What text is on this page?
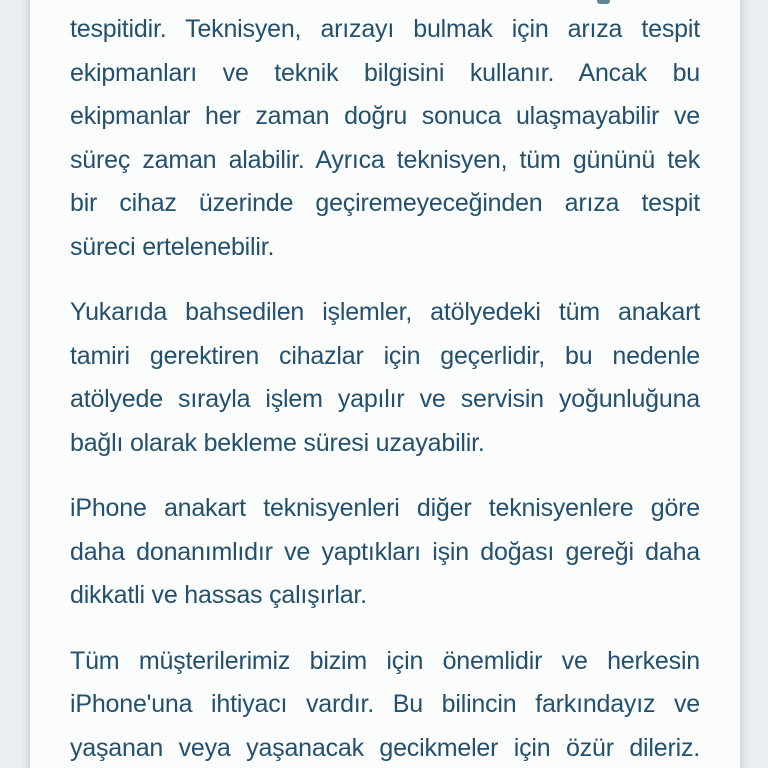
tespitidir. Teknisyen, arızayı bulmak için arıza tespit
ekipmanları ve teknik bilgisini kullanır. Ancak bu
ekipmanlar her zaman doğru sonuca ulaşmayabilir ve
süreç zaman alabilir. Ayrıca teknisyen, tüm gününü tek
bir cihaz üzerinde geçiremeyeceğinden arıza tespit
süreci ertelenebilir.
Yukarıda bahsedilen işlemler, atölyedeki tüm anakart
tamiri gerektiren cihazlar için geçerlidir, bu nedenle
atölyede sırayla işlem yapılır ve servisin yoğunluğuna
bağlı olarak bekleme süresi uzayabilir.
iPhone anakart teknisyenleri diğer teknisyenlere göre
daha donanımlıdır ve yaptıkları işin doğası gereği daha
dikkatli ve hassas çalışırlar.
Tüm müşterilerimiz bizim için önemlidir ve herkesin
iPhone'una ihtiyacı vardır. Bu bilincin farkındayız ve
yaşanan veya yaşanacak gecikmeler için özür dileriz.
